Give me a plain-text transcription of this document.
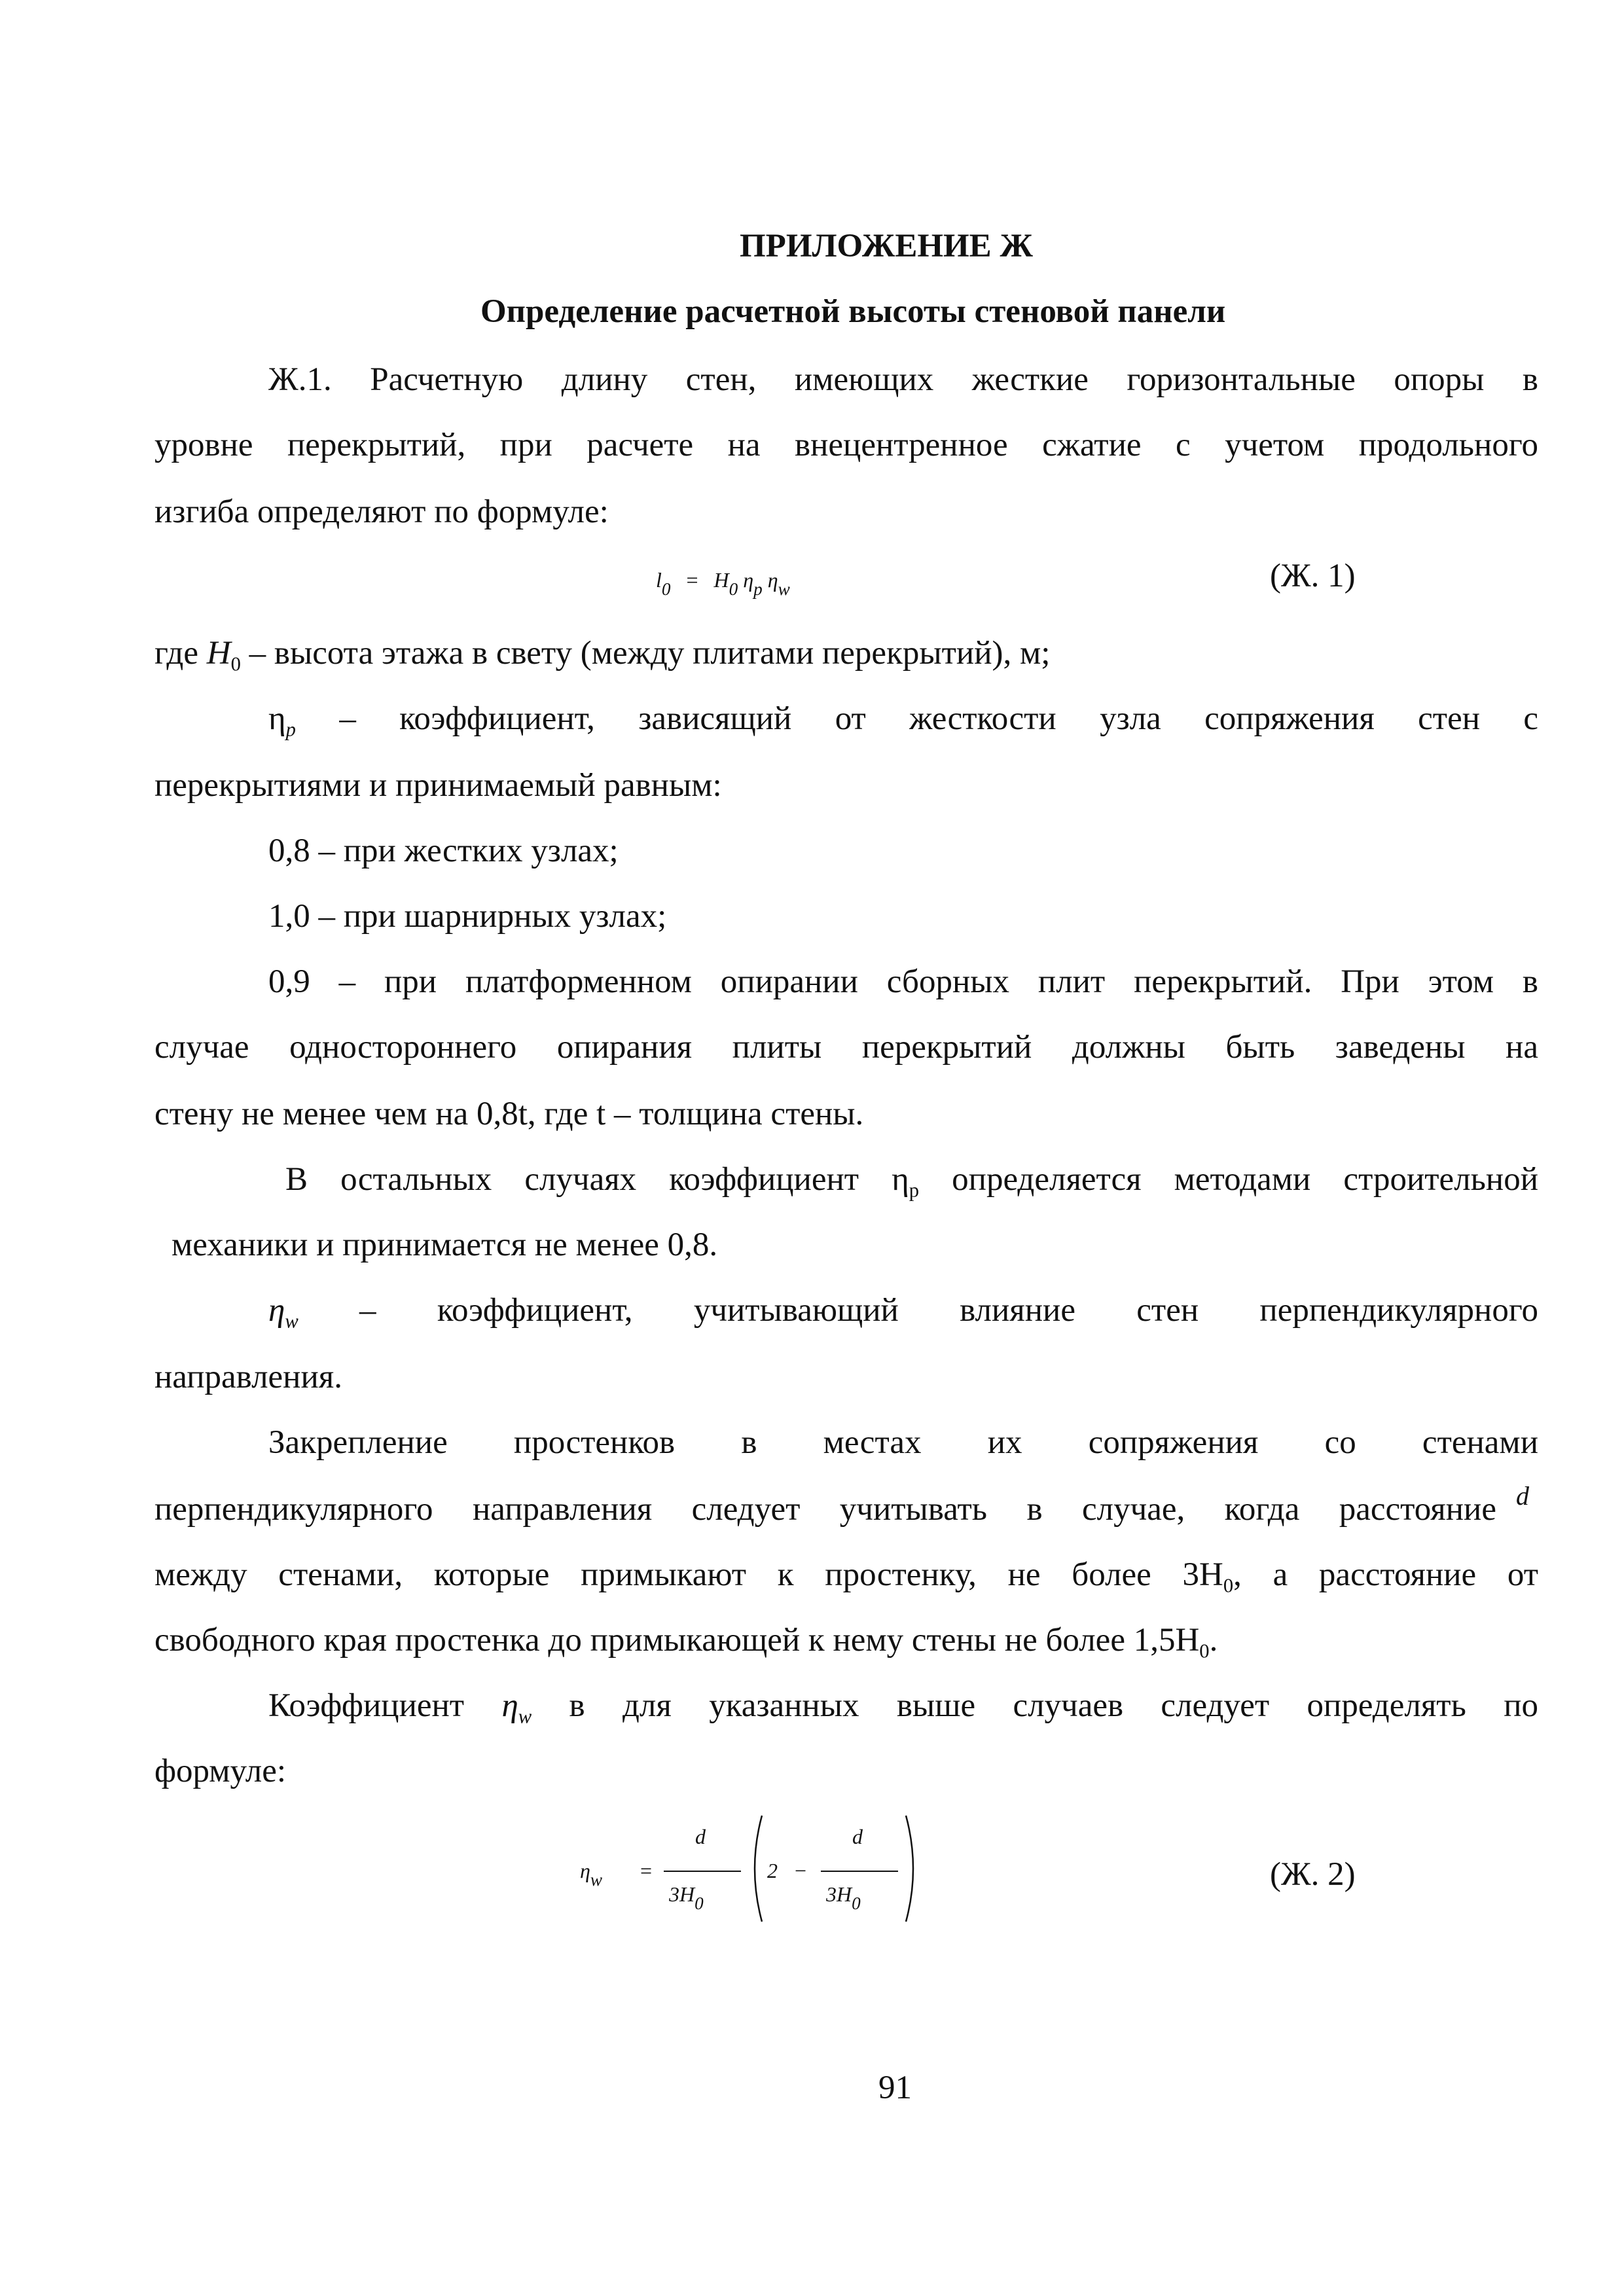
ПРИЛОЖЕНИЕ Ж
Определение расчетной высоты стеновой панели
Ж.1. Расчетную длину стен, имеющих жесткие горизонтальные опоры в
уровне перекрытий, при расчете на внецентренное сжатие с учетом продольного
изгиба определяют по формуле:
$l_0 = H_0$ $\eta_p$ $\eta_w$	(Ж. 1)
где $H_0$ – высота этажа в свету (между плитами перекрытий), м;
$\eta_p$ – коэффициент, зависящий от жесткости узла сопряжения стен с
перекрытиями и принимаемый равным:
0,8 – при жестких узлах;
1,0 – при шарнирных узлах;
0,9 – при платформенном опирании сборных плит перекрытий. При этом в
случае одностороннего опирания плиты перекрытий должны быть заведены на
стену не менее чем на 0,8t, где t – толщина стены.
В остальных случаях коэффициент $\eta_p$ определяется методами строительной
механики и принимается не менее 0,8.
$\eta_w$ – коэффициент, учитывающий влияние стен перпендикулярного
направления.
Закрепление простенков в местах их сопряжения со стенами
перпендикулярного направления следует учитывать в случае, когда расстояние d
между стенами, которые примыкают к простенку, не более $3H_0$, а расстояние от
свободного края простенка до примыкающей к нему стены не более $1,5H_0$.
Коэффициент $\eta_w$ в для указанных выше случаев следует определять по
формуле:
$\eta_w$ =
d
$3H_0$
2 −
d
$3H_0$
(Ж. 2)
91
